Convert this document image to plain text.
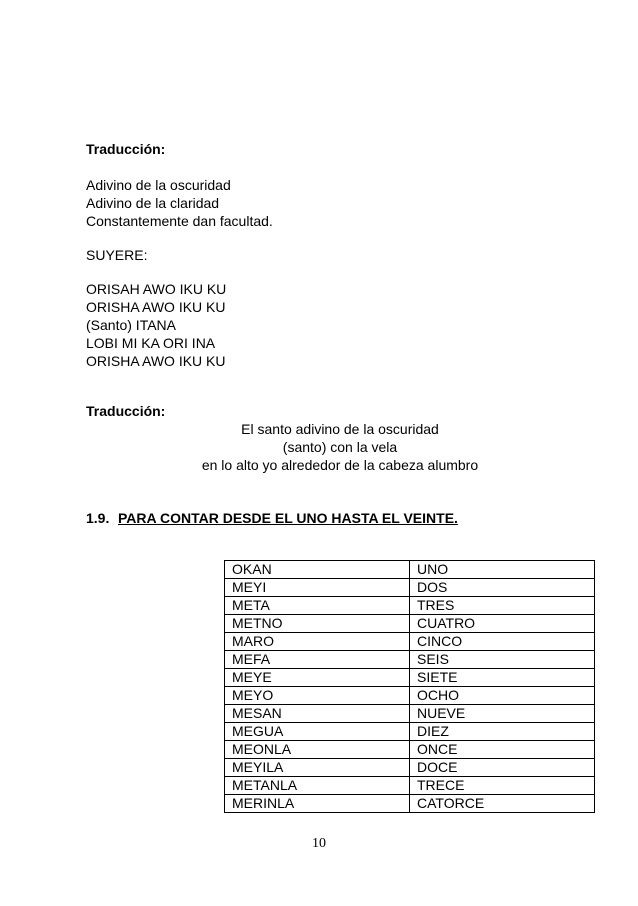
Traducción:
Adivino de la oscuridad
Adivino de la claridad
Constantemente dan facultad.
SUYERE:
ORISAH AWO IKU KU
ORISHA AWO IKU KU
(Santo) ITANA
LOBI MI KA ORI INA
ORISHA AWO IKU KU
Traducción:
El santo adivino de la oscuridad
(santo) con la vela
en lo alto yo alrededor de la cabeza alumbro
1.9. PARA CONTAR DESDE EL UNO HASTA EL VEINTE.
OKAN	UNO
MEYI	DOS
META	TRES
METNO	CUATRO
MARO	CINCO
MEFA	SEIS
MEYE	SIETE
MEYO	OCHO
MESAN	NUEVE
MEGUA	DIEZ
MEONLA	ONCE
MEYILA	DOCE
METANLA	TRECE
MERINLA	CATORCE
10
